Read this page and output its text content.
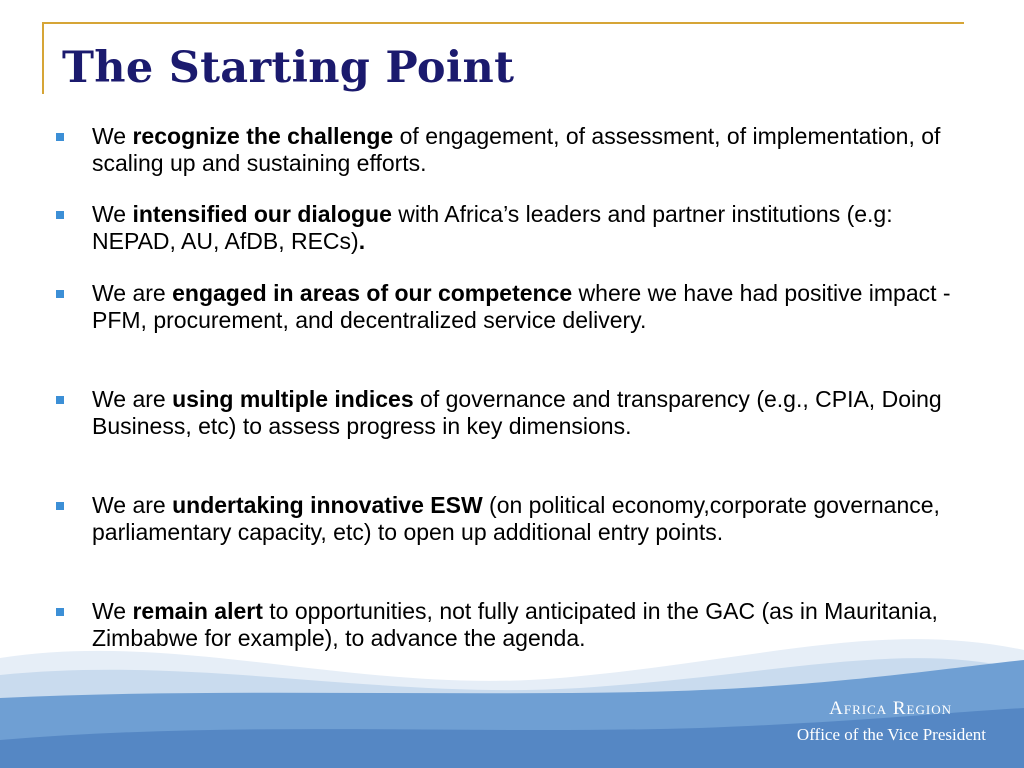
The Starting Point
We recognize the challenge of engagement, of assessment, of implementation, of scaling up and sustaining efforts.
We intensified our dialogue with Africa’s leaders and partner institutions (e.g: NEPAD, AU, AfDB, RECs).
We are engaged in areas of our competence where we have had positive impact - PFM, procurement, and decentralized service delivery.
We are using multiple indices of governance and transparency (e.g., CPIA, Doing Business, etc) to assess progress in key dimensions.
We are undertaking innovative ESW (on political economy,corporate governance, parliamentary capacity, etc) to open up additional entry points.
We remain alert to opportunities, not fully anticipated in the GAC (as in Mauritania, Zimbabwe for example), to advance the agenda.
Africa Region
Office of the Vice President
